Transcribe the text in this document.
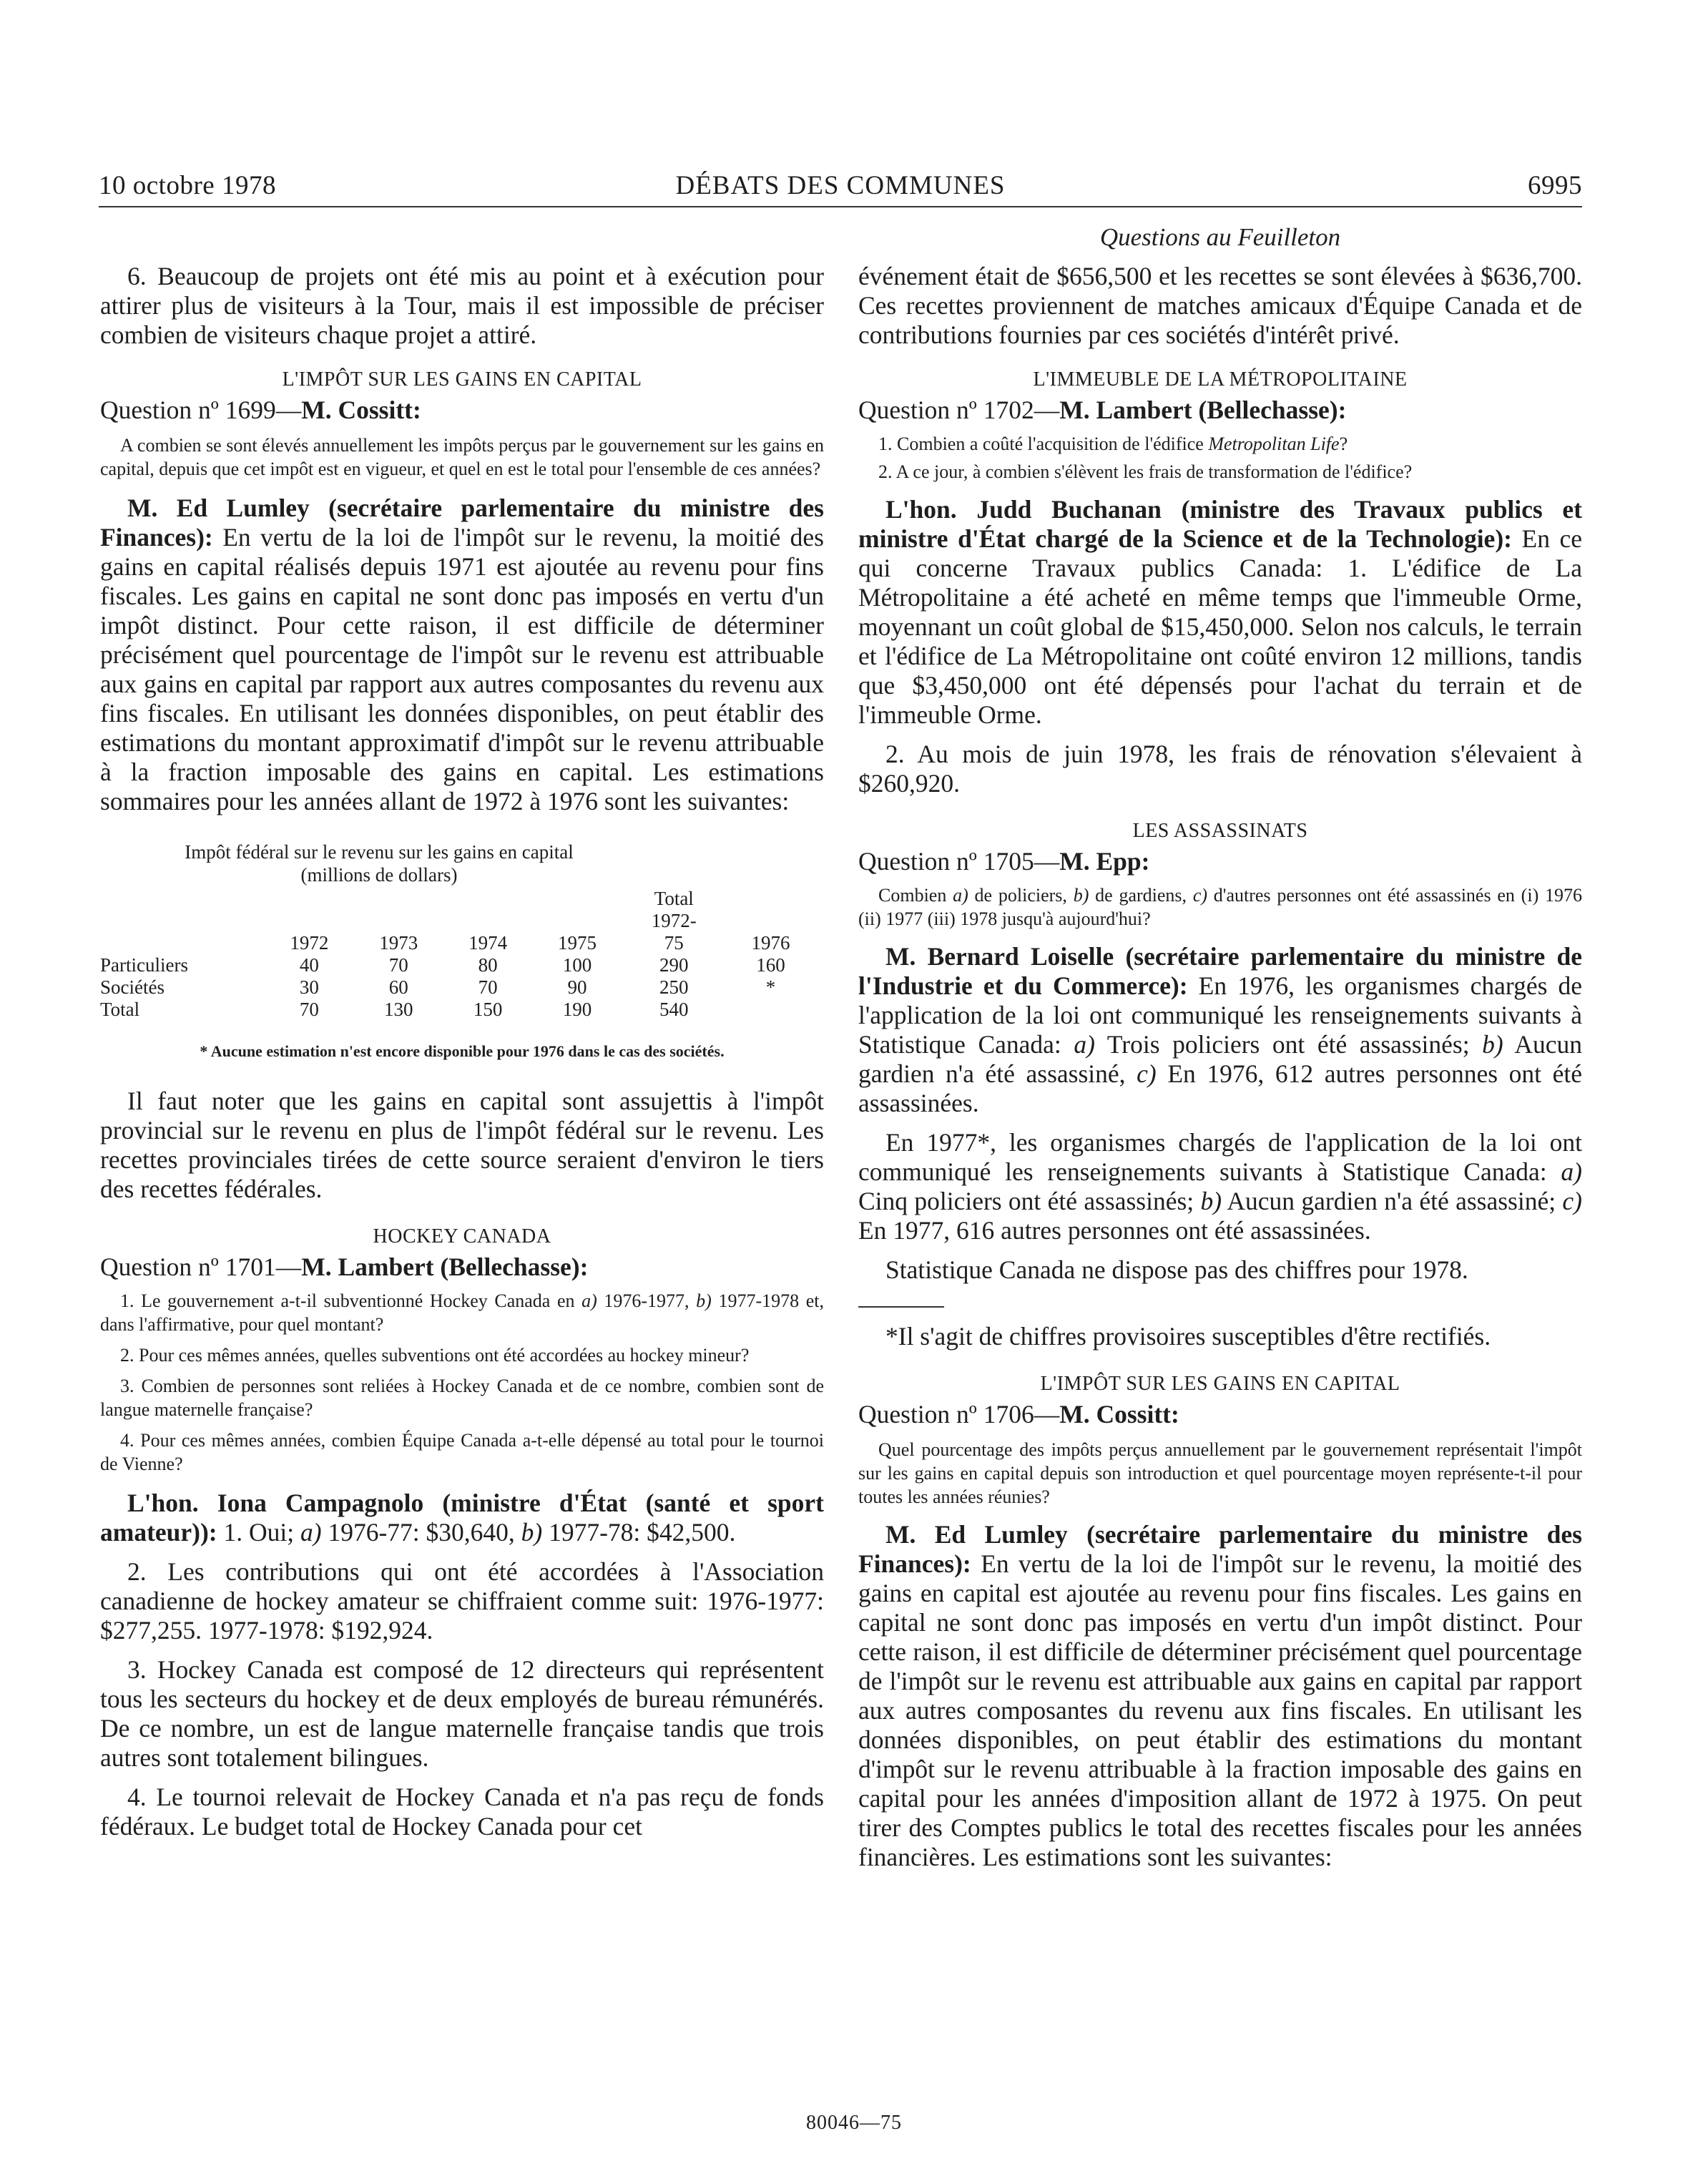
10 octobre 1978	DÉBATS DES COMMUNES	6995
Questions au Feuilleton

6. Beaucoup de projets ont été mis au point et à exécution pour attirer plus de visiteurs à la Tour, mais il est impossible de préciser combien de visiteurs chaque projet a attiré.

L'IMPÔT SUR LES GAINS EN CAPITAL

Question nº 1699—M. Cossitt:

A combien se sont élevés annuellement les impôts perçus par le gouvernement sur les gains en capital, depuis que cet impôt est en vigueur, et quel en est le total pour l'ensemble de ces années?

M. Ed Lumley (secrétaire parlementaire du ministre des Finances): En vertu de la loi de l'impôt sur le revenu, la moitié des gains en capital réalisés depuis 1971 est ajoutée au revenu pour fins fiscales. Les gains en capital ne sont donc pas imposés en vertu d'un impôt distinct. Pour cette raison, il est difficile de déterminer précisément quel pourcentage de l'impôt sur le revenu est attribuable aux gains en capital par rapport aux autres composantes du revenu aux fins fiscales. En utilisant les données disponibles, on peut établir des estimations du montant approximatif d'impôt sur le revenu attribuable à la fraction imposable des gains en capital. Les estimations sommaires pour les années allant de 1972 à 1976 sont les suivantes:

Impôt fédéral sur le revenu sur les gains en capital

(millions de dollars)

					Total	
					1972-	
	1972	1973	1974	1975	75	1976
Particuliers	40	70	80	100	290	160
Sociétés	30	60	70	90	250	*
Total	70	130	150	190	540	

* Aucune estimation n'est encore disponible pour 1976 dans le cas des sociétés.

Il faut noter que les gains en capital sont assujettis à l'impôt provincial sur le revenu en plus de l'impôt fédéral sur le revenu. Les recettes provinciales tirées de cette source seraient d'environ le tiers des recettes fédérales.

HOCKEY CANADA

Question nº 1701—M. Lambert (Bellechasse):

1. Le gouvernement a-t-il subventionné Hockey Canada en a) 1976-1977, b) 1977-1978 et, dans l'affirmative, pour quel montant?

2. Pour ces mêmes années, quelles subventions ont été accordées au hockey mineur?

3. Combien de personnes sont reliées à Hockey Canada et de ce nombre, combien sont de langue maternelle française?

4. Pour ces mêmes années, combien Équipe Canada a-t-elle dépensé au total pour le tournoi de Vienne?

L'hon. Iona Campagnolo (ministre d'État (santé et sport amateur)): 1. Oui; a) 1976-77: $30,640, b) 1977-78: $42,500.

2. Les contributions qui ont été accordées à l'Association canadienne de hockey amateur se chiffraient comme suit: 1976-1977: $277,255. 1977-1978: $192,924.

3. Hockey Canada est composé de 12 directeurs qui représentent tous les secteurs du hockey et de deux employés de bureau rémunérés. De ce nombre, un est de langue maternelle française tandis que trois autres sont totalement bilingues.

4. Le tournoi relevait de Hockey Canada et n'a pas reçu de fonds fédéraux. Le budget total de Hockey Canada pour cet

événement était de $656,500 et les recettes se sont élevées à $636,700. Ces recettes proviennent de matches amicaux d'Équipe Canada et de contributions fournies par ces sociétés d'intérêt privé.

L'IMMEUBLE DE LA MÉTROPOLITAINE

Question nº 1702—M. Lambert (Bellechasse):

1. Combien a coûté l'acquisition de l'édifice Metropolitan Life?

2. A ce jour, à combien s'élèvent les frais de transformation de l'édifice?

L'hon. Judd Buchanan (ministre des Travaux publics et ministre d'État chargé de la Science et de la Technologie): En ce qui concerne Travaux publics Canada: 1. L'édifice de La Métropolitaine a été acheté en même temps que l'immeuble Orme, moyennant un coût global de $15,450,000. Selon nos calculs, le terrain et l'édifice de La Métropolitaine ont coûté environ 12 millions, tandis que $3,450,000 ont été dépensés pour l'achat du terrain et de l'immeuble Orme.

2. Au mois de juin 1978, les frais de rénovation s'élevaient à $260,920.

LES ASSASSINATS

Question nº 1705—M. Epp:

Combien a) de policiers, b) de gardiens, c) d'autres personnes ont été assassinés en (i) 1976 (ii) 1977 (iii) 1978 jusqu'à aujourd'hui?

M. Bernard Loiselle (secrétaire parlementaire du ministre de l'Industrie et du Commerce): En 1976, les organismes chargés de l'application de la loi ont communiqué les renseignements suivants à Statistique Canada: a) Trois policiers ont été assassinés; b) Aucun gardien n'a été assassiné, c) En 1976, 612 autres personnes ont été assassinées.

En 1977*, les organismes chargés de l'application de la loi ont communiqué les renseignements suivants à Statistique Canada: a) Cinq policiers ont été assassinés; b) Aucun gardien n'a été assassiné; c) En 1977, 616 autres personnes ont été assassinées.

Statistique Canada ne dispose pas des chiffres pour 1978.

*Il s'agit de chiffres provisoires susceptibles d'être rectifiés.

L'IMPÔT SUR LES GAINS EN CAPITAL

Question nº 1706—M. Cossitt:

Quel pourcentage des impôts perçus annuellement par le gouvernement représentait l'impôt sur les gains en capital depuis son introduction et quel pourcentage moyen représente-t-il pour toutes les années réunies?

M. Ed Lumley (secrétaire parlementaire du ministre des Finances): En vertu de la loi de l'impôt sur le revenu, la moitié des gains en capital est ajoutée au revenu pour fins fiscales. Les gains en capital ne sont donc pas imposés en vertu d'un impôt distinct. Pour cette raison, il est difficile de déterminer précisément quel pourcentage de l'impôt sur le revenu est attribuable aux gains en capital par rapport aux autres composantes du revenu aux fins fiscales. En utilisant les données disponibles, on peut établir des estimations du montant d'impôt sur le revenu attribuable à la fraction imposable des gains en capital pour les années d'imposition allant de 1972 à 1975. On peut tirer des Comptes publics le total des recettes fiscales pour les années financières. Les estimations sont les suivantes:

80046—75
